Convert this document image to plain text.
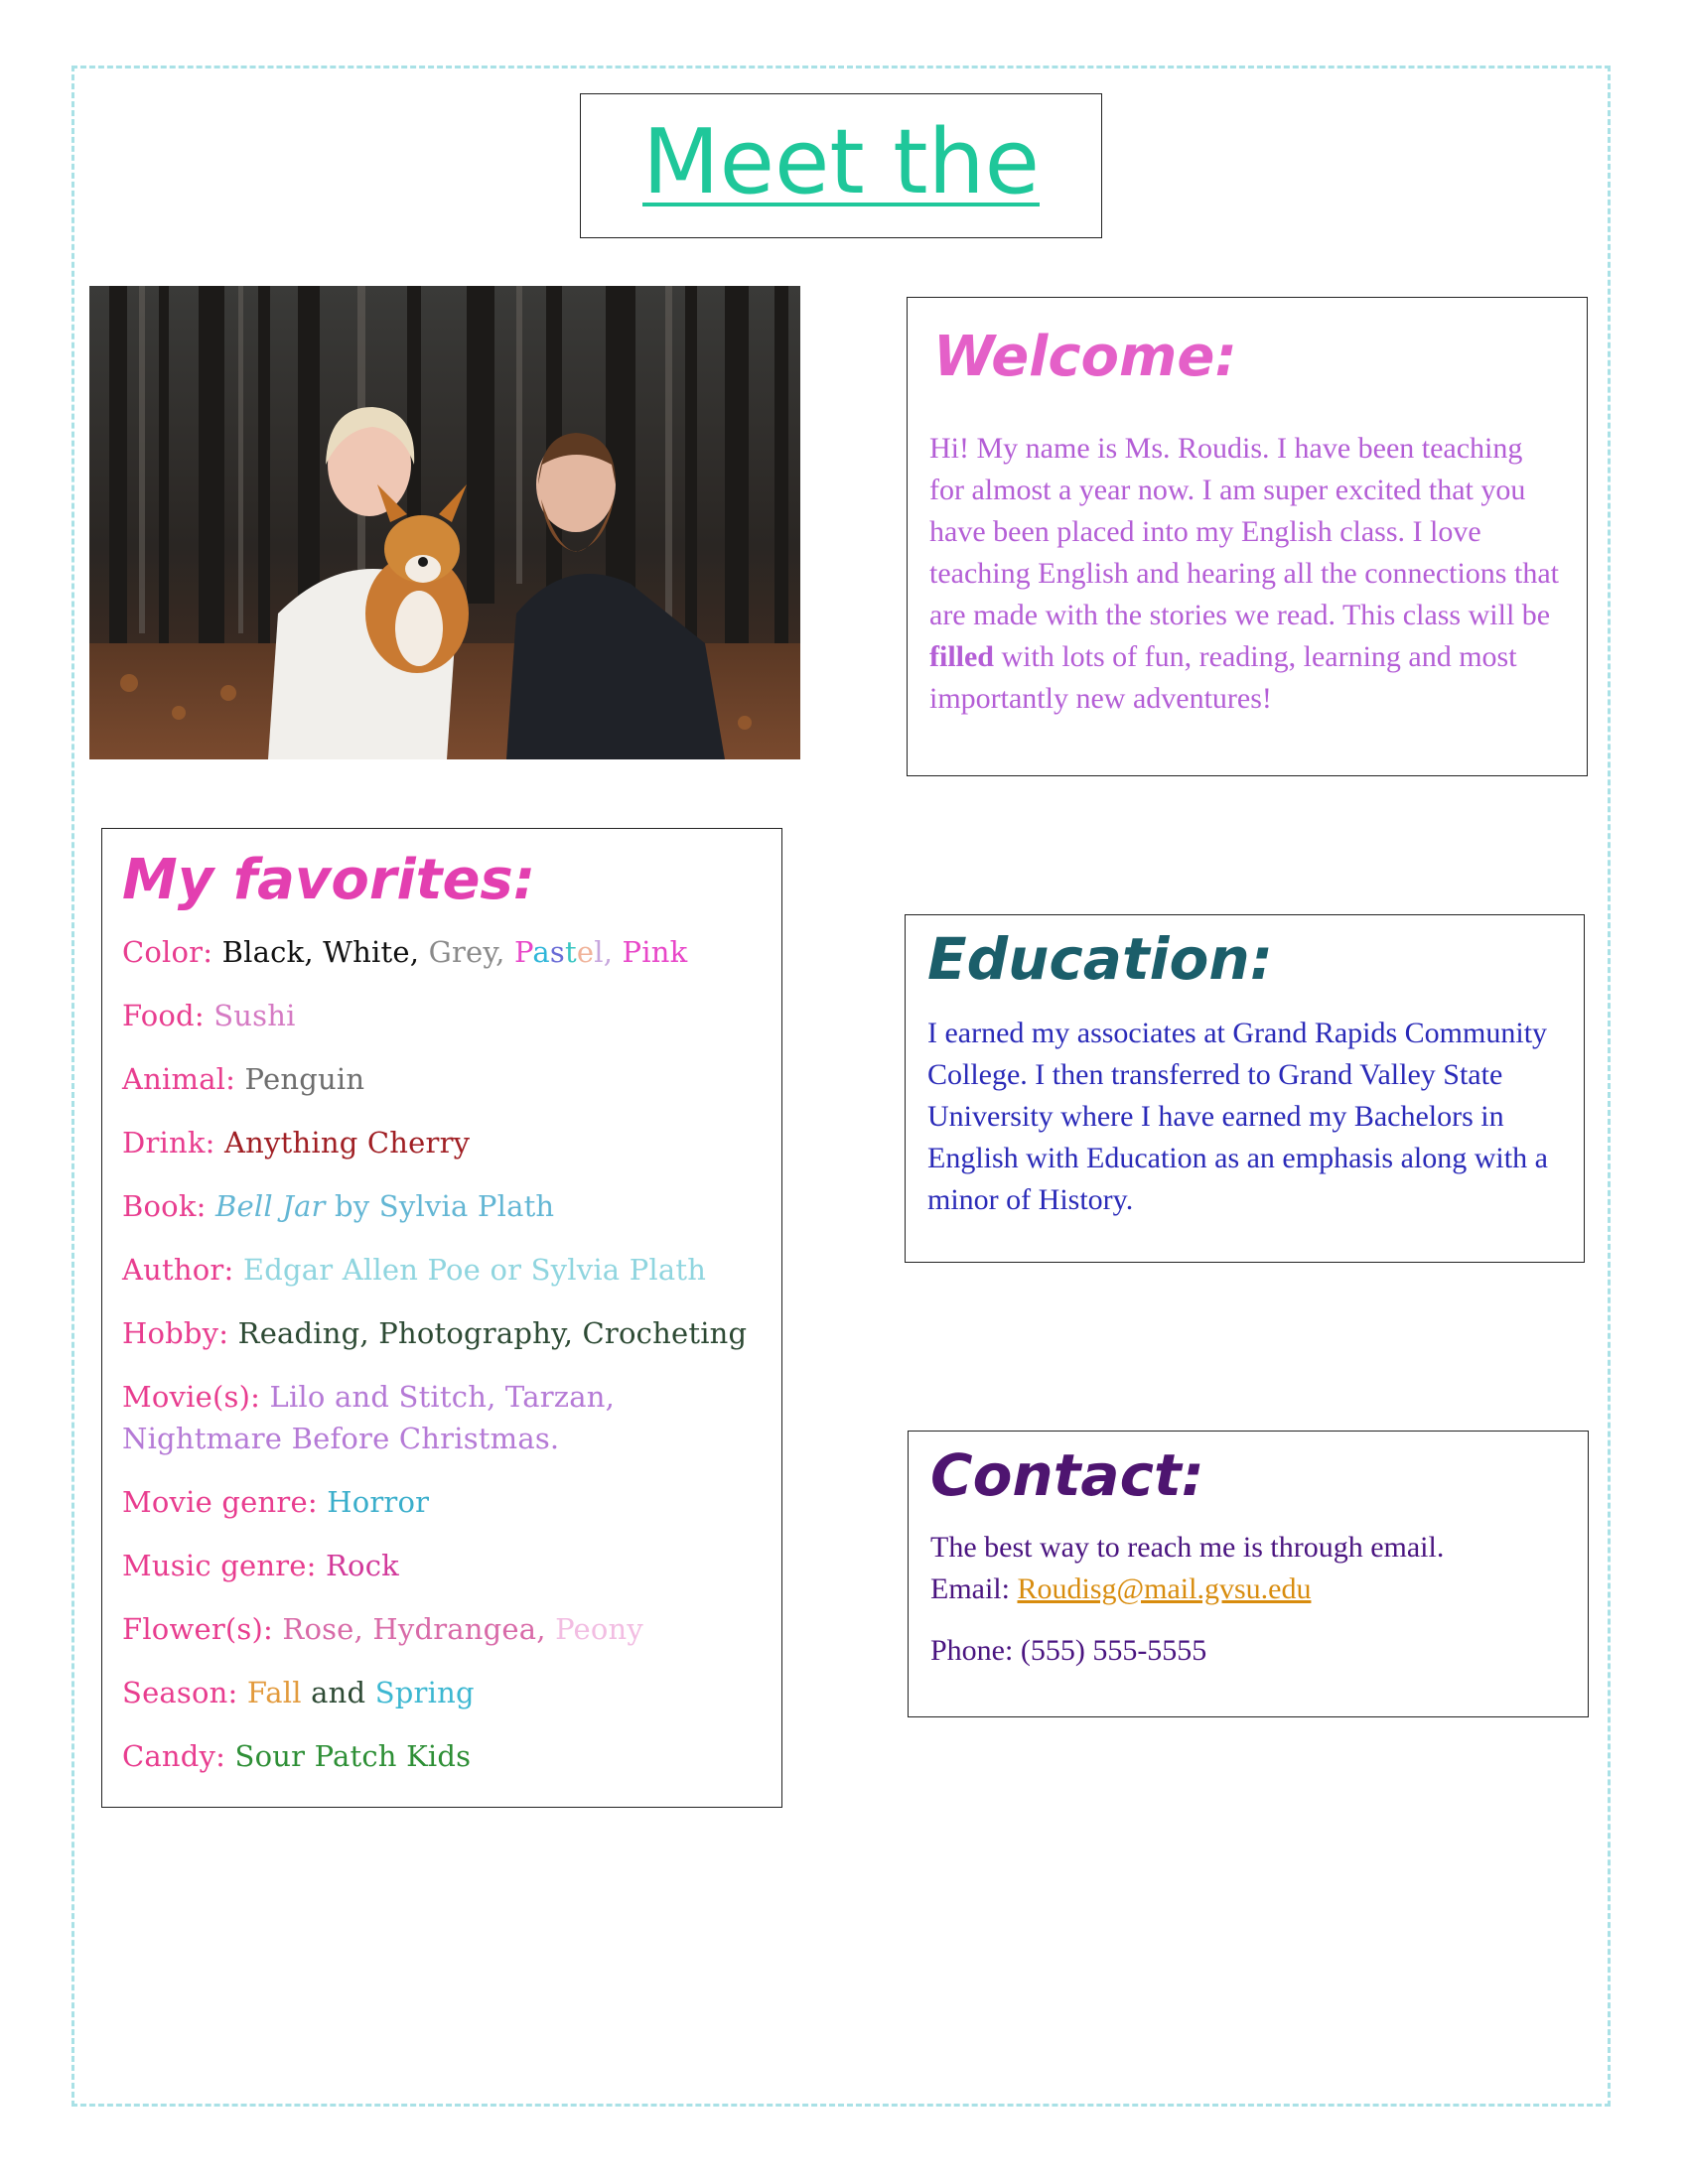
Meet the
Welcome:
Hi! My name is Ms. Roudis. I have been teaching for almost a year now. I am super excited that you have been placed into my English class. I love teaching English and hearing all the connections that are made with the stories we read. This class will be filled with lots of fun, reading, learning and most importantly new adventures!
My favorites:
Color: Black, White, Grey, Pastel, Pink
Food: Sushi
Animal: Penguin
Drink: Anything Cherry
Book: Bell Jar by Sylvia Plath
Author: Edgar Allen Poe or Sylvia Plath
Hobby: Reading, Photography, Crocheting
Movie(s): Lilo and Stitch, Tarzan, Nightmare Before Christmas.
Movie genre: Horror
Music genre: Rock
Flower(s): Rose, Hydrangea, Peony
Season: Fall and Spring
Candy: Sour Patch Kids
Education:
I earned my associates at Grand Rapids Community College. I then transferred to Grand Valley State University where I have earned my Bachelors in English with Education as an emphasis along with a minor of History.
Contact:
The best way to reach me is through email.
Email: Roudisg@mail.gvsu.edu
Phone: (555) 555-5555
